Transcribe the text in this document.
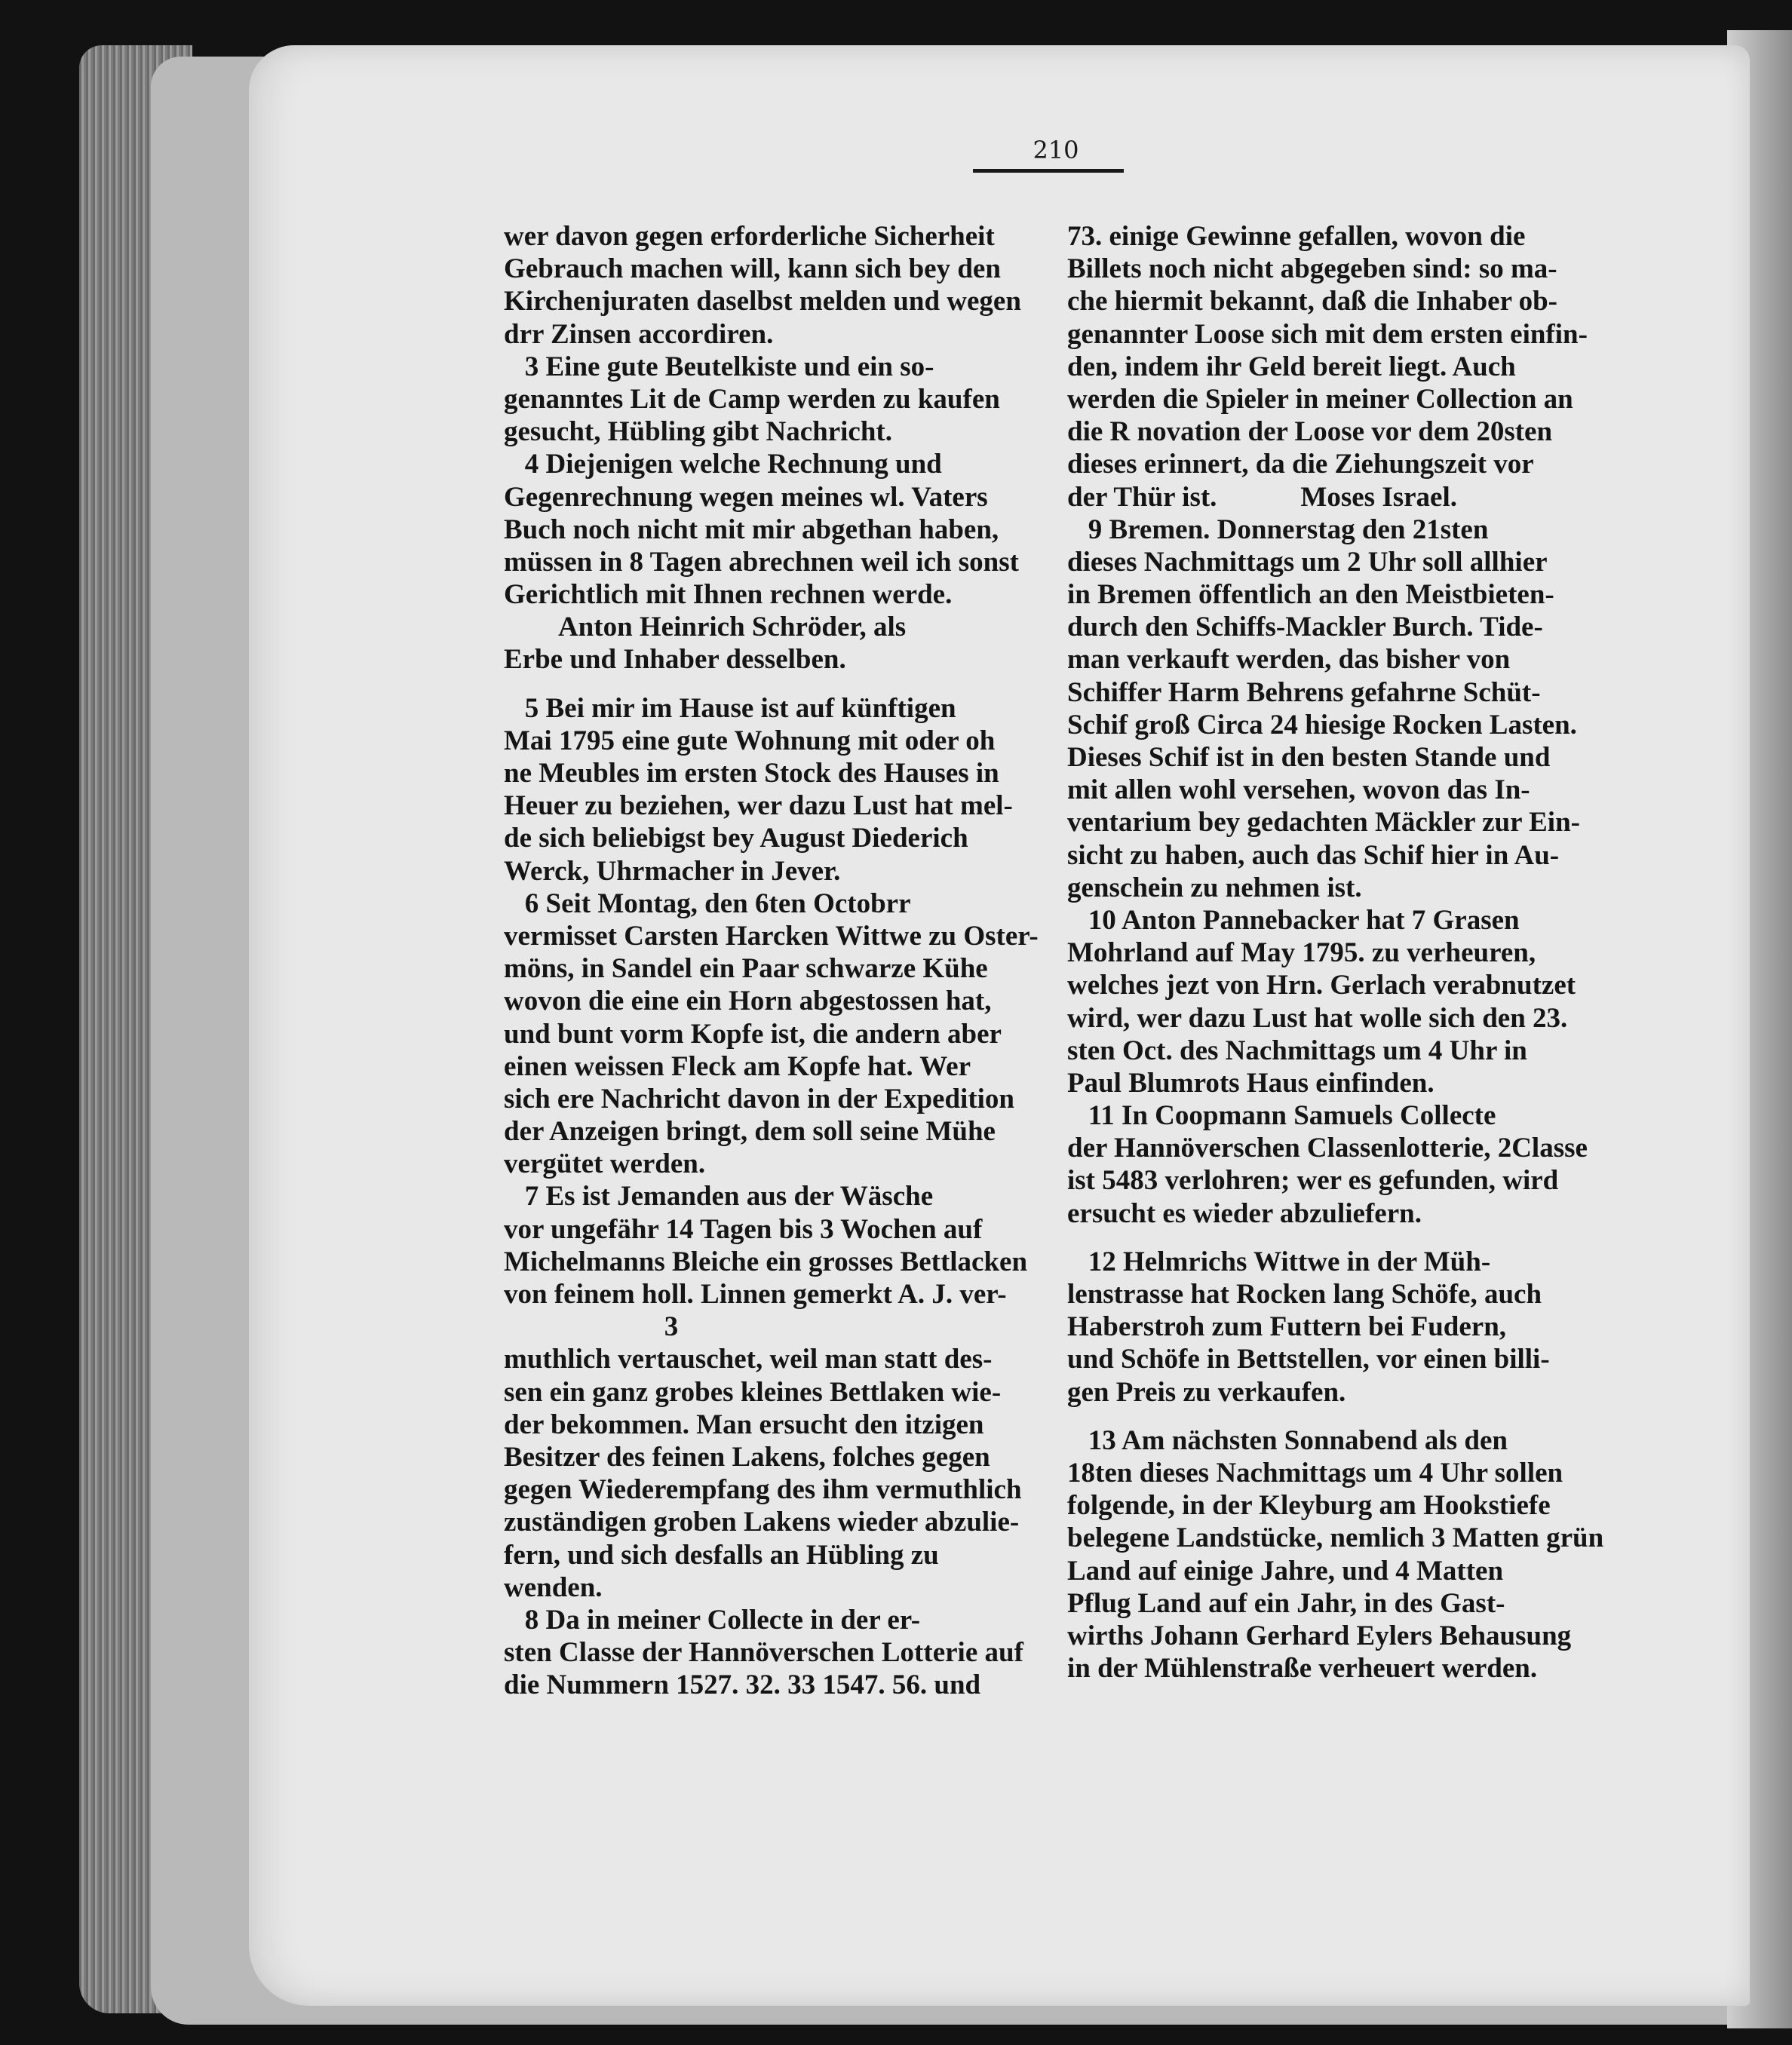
210
wer davon gegen erforderliche Sicherheit
Gebrauch machen will, kann sich bey den
Kirchenjuraten daselbst melden und wegen
drr Zinsen accordiren.
3 Eine gute Beutelkiste und ein so-
genanntes Lit de Camp werden zu kaufen
gesucht, Hübling gibt Nachricht.
4 Diejenigen welche Rechnung und
Gegenrechnung wegen meines wl. Vaters
Buch noch nicht mit mir abgethan haben,
müssen in 8 Tagen abrechnen weil ich sonst
Gerichtlich mit Ihnen rechnen werde.
Anton Heinrich Schröder, als
Erbe und Inhaber desselben.
5 Bei mir im Hause ist auf künftigen
Mai 1795 eine gute Wohnung mit oder oh
ne Meubles im ersten Stock des Hauses in
Heuer zu beziehen, wer dazu Lust hat mel-
de sich beliebigst bey August Diederich
Werck, Uhrmacher in Jever.
6 Seit Montag, den 6ten Octobrr
vermisset Carsten Harcken Wittwe zu Oster-
möns, in Sandel ein Paar schwarze Kühe
wovon die eine ein Horn abgestossen hat,
und bunt vorm Kopfe ist, die andern aber
einen weissen Fleck am Kopfe hat. Wer
sich ere Nachricht davon in der Expedition
der Anzeigen bringt, dem soll seine Mühe
vergütet werden.
7 Es ist Jemanden aus der Wäsche
vor ungefähr 14 Tagen bis 3 Wochen auf
Michelmanns Bleiche ein grosses Bettlacken
von feinem holl. Linnen gemerkt A. J. ver-
3
muthlich vertauschet, weil man statt des-
sen ein ganz grobes kleines Bettlaken wie-
der bekommen. Man ersucht den itzigen
Besitzer des feinen Lakens, folches gegen
gegen Wiederempfang des ihm vermuthlich
zuständigen groben Lakens wieder abzulie-
fern, und sich desfalls an Hübling zu
wenden.
8 Da in meiner Collecte in der er-
sten Classe der Hannöverschen Lotterie auf
die Nummern 1527. 32. 33 1547. 56. und
73. einige Gewinne gefallen, wovon die
Billets noch nicht abgegeben sind: so ma-
che hiermit bekannt, daß die Inhaber ob-
genannter Loose sich mit dem ersten einfin-
den, indem ihr Geld bereit liegt. Auch
werden die Spieler in meiner Collection an
die R novation der Loose vor dem 20sten
dieses erinnert, da die Ziehungszeit vor
der Thür ist.            Moses Israel.
9 Bremen. Donnerstag den 21sten
dieses Nachmittags um 2 Uhr soll allhier
in Bremen öffentlich an den Meistbieten-
durch den Schiffs-Mackler Burch. Tide-
man verkauft werden, das bisher von
Schiffer Harm Behrens gefahrne Schüt-
Schif groß Circa 24 hiesige Rocken Lasten.
Dieses Schif ist in den besten Stande und
mit allen wohl versehen, wovon das In-
ventarium bey gedachten Mäckler zur Ein-
sicht zu haben, auch das Schif hier in Au-
genschein zu nehmen ist.
10 Anton Pannebacker hat 7 Grasen
Mohrland auf May 1795. zu verheuren,
welches jezt von Hrn. Gerlach verabnutzet
wird, wer dazu Lust hat wolle sich den 23.
sten Oct. des Nachmittags um 4 Uhr in
Paul Blumrots Haus einfinden.
11 In Coopmann Samuels Collecte
der Hannöverschen Classenlotterie, 2Classe
ist 5483 verlohren; wer es gefunden, wird
ersucht es wieder abzuliefern.
12 Helmrichs Wittwe in der Müh-
lenstrasse hat Rocken lang Schöfe, auch
Haberstroh zum Futtern bei Fudern,
und Schöfe in Bettstellen, vor einen billi-
gen Preis zu verkaufen.
13 Am nächsten Sonnabend als den
18ten dieses Nachmittags um 4 Uhr sollen
folgende, in der Kleyburg am Hookstiefe
belegene Landstücke, nemlich 3 Matten grün
Land auf einige Jahre, und 4 Matten
Pflug Land auf ein Jahr, in des Gast-
wirths Johann Gerhard Eylers Behausung
in der Mühlenstraße verheuert werden.
